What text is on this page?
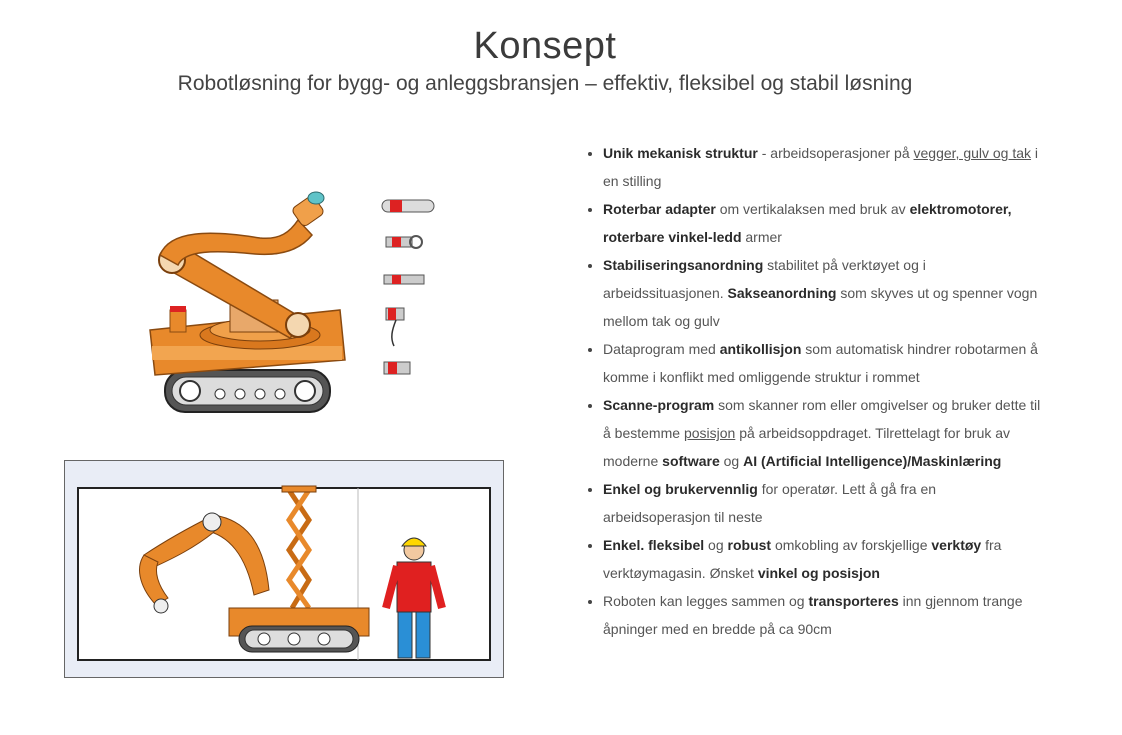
Konsept
Robotløsning for bygg- og anleggsbransjen – effektiv, fleksibel og stabil løsning
• Unik mekanisk struktur - arbeidsoperasjoner på vegger, gulv og tak i en stilling
• Roterbar adapter om vertikalaksen med bruk av elektromotorer, roterbare vinkel-ledd armer
• Stabiliseringsanordning stabilitet på verktøyet og i arbeidssituasjonen. Sakseanordning som skyves ut og spenner vogn mellom tak og gulv
• Dataprogram med antikollisjon som automatisk hindrer robotarmen å komme i konflikt med omliggende struktur i rommet
• Scanne-program som skanner rom eller omgivelser og bruker dette til å bestemme posisjon på arbeidsoppdraget. Tilrettelagt for bruk av moderne software og AI (Artificial Intelligence)/Maskinlæring
• Enkel og brukervennlig for operatør. Lett å gå fra en arbeidsoperasjon til neste
• Enkel. fleksibel og robust omkobling av forskjellige verktøy fra verktøymagasin. Ønsket vinkel og posisjon
• Roboten kan legges sammen og transporteres inn gjennom trange åpninger med en bredde på ca 90cm
